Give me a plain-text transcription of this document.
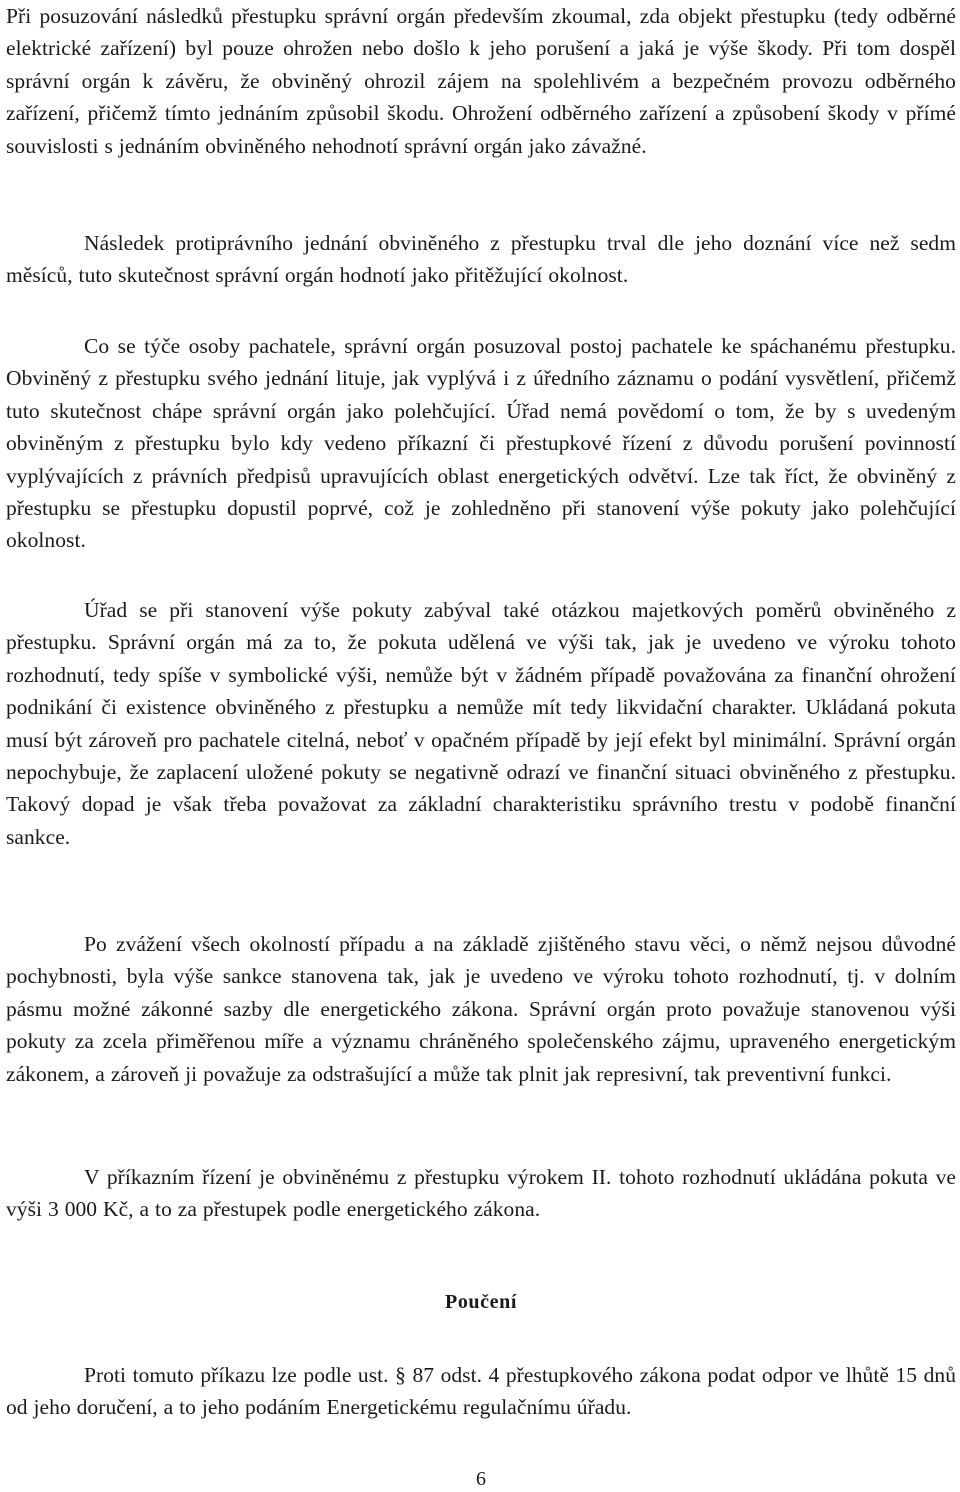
Při posuzování následků přestupku správní orgán především zkoumal, zda objekt přestupku (tedy odběrné elektrické zařízení) byl pouze ohrožen nebo došlo k jeho porušení a jaká je výše škody. Při tom dospěl správní orgán k závěru, že obviněný ohrozil zájem na spolehlivém a bezpečném provozu odběrného zařízení, přičemž tímto jednáním způsobil škodu. Ohrožení odběrného zařízení a způsobení škody v přímé souvislosti s jednáním obviněného nehodnotí správní orgán jako závažné.

Následek protiprávního jednání obviněného z přestupku trval dle jeho doznání více než sedm měsíců, tuto skutečnost správní orgán hodnotí jako přitěžující okolnost.

Co se týče osoby pachatele, správní orgán posuzoval postoj pachatele ke spáchanému přestupku. Obviněný z přestupku svého jednání lituje, jak vyplývá i z úředního záznamu o podání vysvětlení, přičemž tuto skutečnost chápe správní orgán jako polehčující. Úřad nemá povědomí o tom, že by s uvedeným obviněným z přestupku bylo kdy vedeno příkazní či přestupkové řízení z důvodu porušení povinností vyplývajících z právních předpisů upravujících oblast energetických odvětví. Lze tak říct, že obviněný z přestupku se přestupku dopustil poprvé, což je zohledněno při stanovení výše pokuty jako polehčující okolnost.

Úřad se při stanovení výše pokuty zabýval také otázkou majetkových poměrů obviněného z přestupku. Správní orgán má za to, že pokuta udělená ve výši tak, jak je uvedeno ve výroku tohoto rozhodnutí, tedy spíše v symbolické výši, nemůže být v žádném případě považována za finanční ohrožení podnikání či existence obviněného z přestupku a nemůže mít tedy likvidační charakter. Ukládaná pokuta musí být zároveň pro pachatele citelná, neboť v opačném případě by její efekt byl minimální. Správní orgán nepochybuje, že zaplacení uložené pokuty se negativně odrazí ve finanční situaci obviněného z přestupku. Takový dopad je však třeba považovat za základní charakteristiku správního trestu v podobě finanční sankce.

Po zvážení všech okolností případu a na základě zjištěného stavu věci, o němž nejsou důvodné pochybnosti, byla výše sankce stanovena tak, jak je uvedeno ve výroku tohoto rozhodnutí, tj. v dolním pásmu možné zákonné sazby dle energetického zákona. Správní orgán proto považuje stanovenou výši pokuty za zcela přiměřenou míře a významu chráněného společenského zájmu, upraveného energetickým zákonem, a zároveň ji považuje za odstrašující a může tak plnit jak represivní, tak preventivní funkci.

V příkazním řízení je obviněnému z přestupku výrokem II. tohoto rozhodnutí ukládána pokuta ve výši 3 000 Kč, a to za přestupek podle energetického zákona.

Poučení

Proti tomuto příkazu lze podle ust. § 87 odst. 4 přestupkového zákona podat odpor ve lhůtě 15 dnů od jeho doručení, a to jeho podáním Energetickému regulačnímu úřadu.

6
